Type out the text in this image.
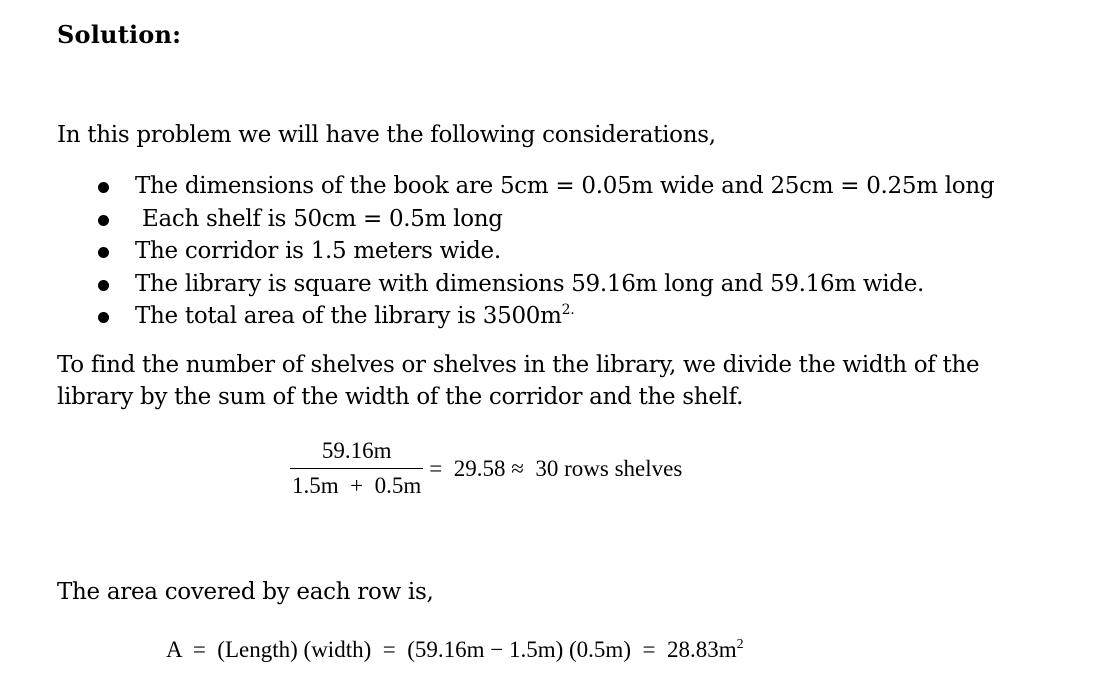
Solution:
In this problem we will have the following considerations,
The dimensions of the book are 5cm = 0.05m wide and 25cm = 0.25m long
Each shelf is 50cm = 0.5m long
The corridor is 1.5 meters wide.
The library is square with dimensions 59.16m long and 59.16m wide.
The total area of the library is $3500m^{2.}$
To find the number of shelves or shelves in the library, we divide the width of the
library by the sum of the width of the corridor and the shelf.
$\frac{59.16m}{1.5m + 0.5m} = 29.58 \approx 30$ rows shelves
The area covered by each row is,
A  =  (Length) (width)  =  (59.16m − 1.5m) $(0.5m) = 28.83m^2$
